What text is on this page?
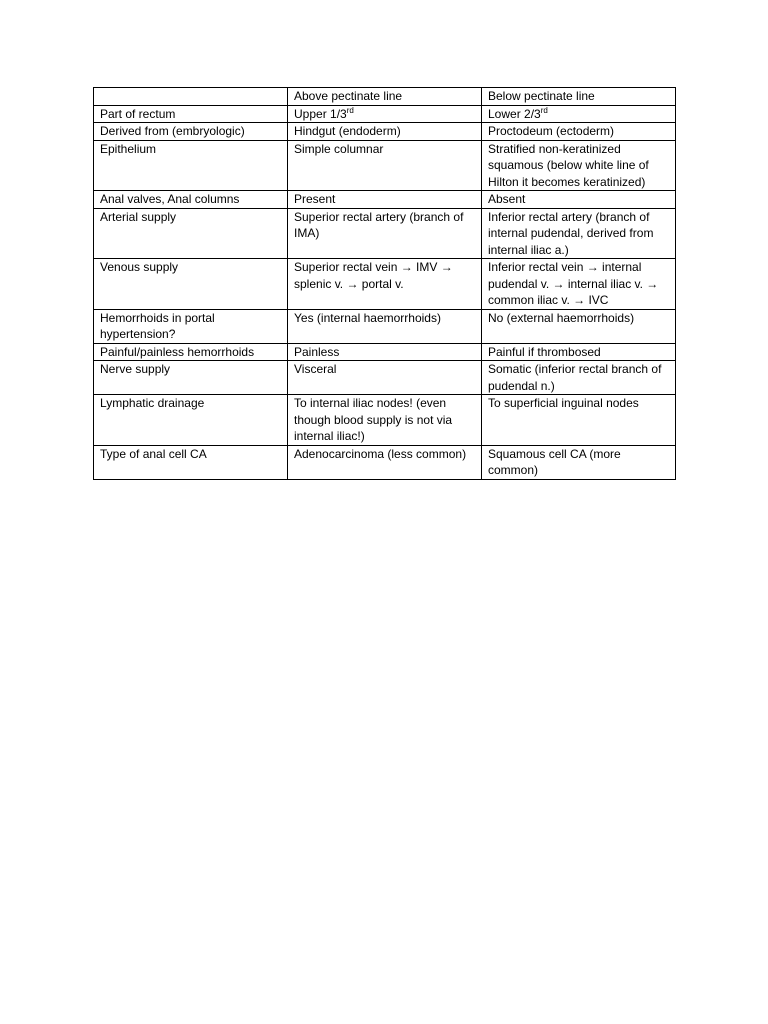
	Above pectinate line	Below pectinate line
Part of rectum	Upper 1/3rd	Lower 2/3rd
Derived from (embryologic)	Hindgut (endoderm)	Proctodeum (ectoderm)
Epithelium	Simple columnar	Stratified non-keratinized squamous (below white line of Hilton it becomes keratinized)
Anal valves, Anal columns	Present	Absent
Arterial supply	Superior rectal artery (branch of IMA)	Inferior rectal artery (branch of internal pudendal, derived from internal iliac a.)
Venous supply	Superior rectal vein → IMV → splenic v. → portal v.	Inferior rectal vein → internal pudendal v. → internal iliac v. → common iliac v. → IVC
Hemorrhoids in portal hypertension?	Yes (internal haemorrhoids)	No (external haemorrhoids)
Painful/painless hemorrhoids	Painless	Painful if thrombosed
Nerve supply	Visceral	Somatic (inferior rectal branch of pudendal n.)
Lymphatic drainage	To internal iliac nodes! (even though blood supply is not via internal iliac!)	To superficial inguinal nodes
Type of anal cell CA	Adenocarcinoma (less common)	Squamous cell CA (more common)
